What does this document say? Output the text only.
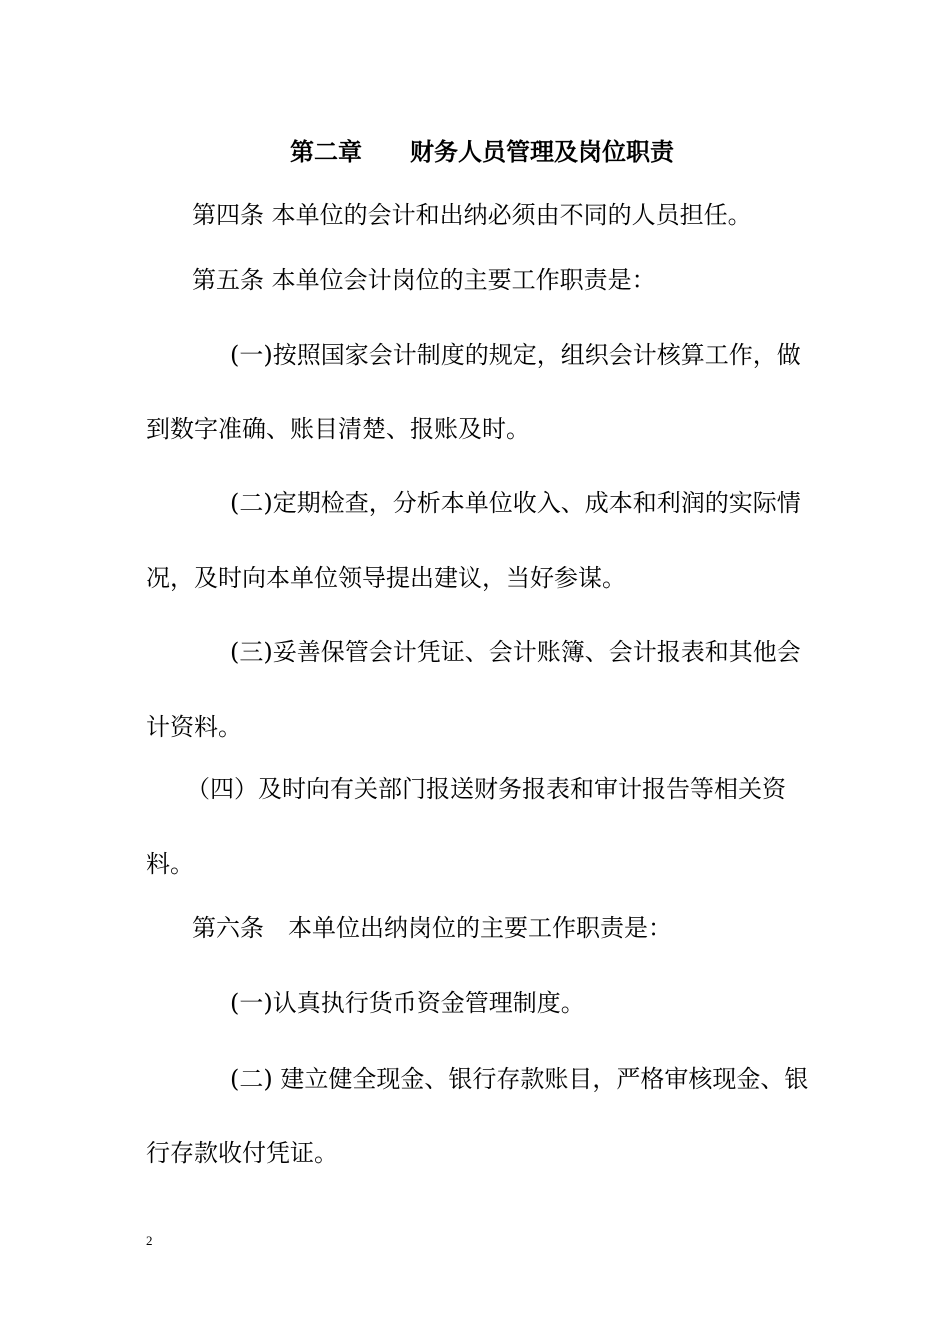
第二章　　财务人员管理及岗位职责
第四条 本单位的会计和出纳必须由不同的人员担任。
第五条 本单位会计岗位的主要工作职责是：
(一)按照国家会计制度的规定，组织会计核算工作，做
到数字准确、账目清楚、报账及时。
(二)定期检查，分析本单位收入、成本和利润的实际情
况，及时向本单位领导提出建议，当好参谋。
(三)妥善保管会计凭证、会计账簿、会计报表和其他会
计资料。
（四）及时向有关部门报送财务报表和审计报告等相关资
料。
第六条　本单位出纳岗位的主要工作职责是：
(一)认真执行货币资金管理制度。
(二) 建立健全现金、银行存款账目，严格审核现金、银
行存款收付凭证。
2
